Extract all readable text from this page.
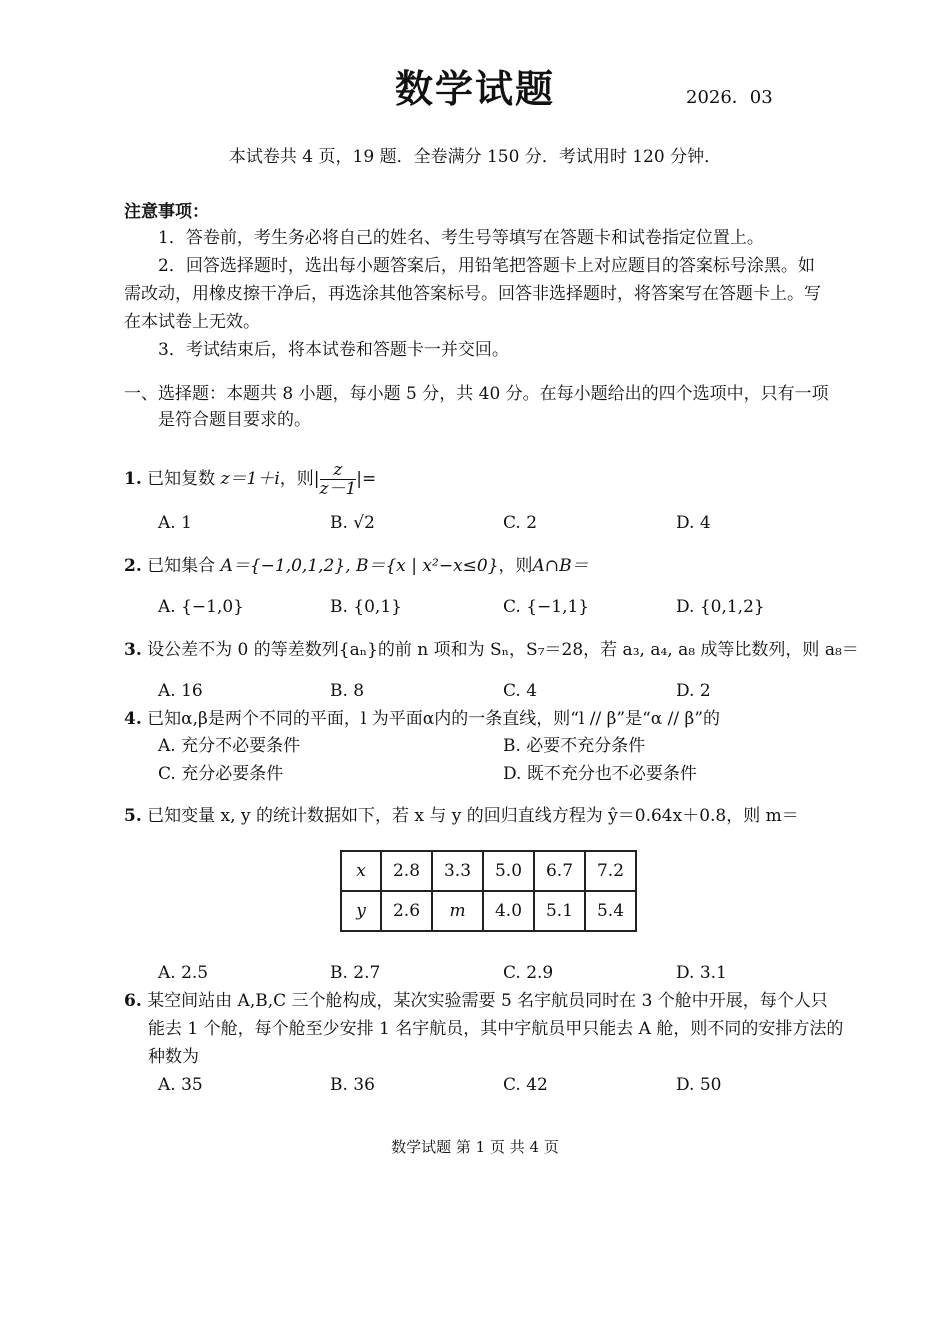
数学试题	2026．03
本试卷共 4 页，19 题．全卷满分 150 分．考试用时 120 分钟．
注意事项：
1．答卷前，考生务必将自己的姓名、考生号等填写在答题卡和试卷指定位置上。
2．回答选择题时，选出每小题答案后，用铅笔把答题卡上对应题目的答案标号涂黑。如
需改动，用橡皮擦干净后，再选涂其他答案标号。回答非选择题时，将答案写在答题卡上。写
在本试卷上无效。
3．考试结束后，将本试卷和答题卡一并交回。
一、选择题：本题共 8 小题，每小题 5 分，共 40 分。在每小题给出的四个选项中，只有一项
是符合题目要求的。
1. 已知复数 z＝1＋i，则| $\frac{z}{z-1}$ |=
A. 1	B. √2	C. 2	D. 4
2. 已知集合 A＝{−1,0,1,2}, B＝{x | x²−x≤0}，则A∩B＝
A. {−1,0}	B. {0,1}	C. {−1,1}	D. {0,1,2}
3. 设公差不为 0 的等差数列{aₙ}的前 n 项和为 Sₙ，S₇＝28，若 a₃, a₄, a₈ 成等比数列，则 a₈＝
A. 16	B. 8	C. 4	D. 2
4. 已知α,β是两个不同的平面，l 为平面α内的一条直线，则“l // β”是“α // β”的
A. 充分不必要条件	B. 必要不充分条件
C. 充分必要条件	D. 既不充分也不必要条件
5. 已知变量 x, y 的统计数据如下，若 x 与 y 的回归直线方程为 ŷ＝0.64x＋0.8，则 m＝
x	2.8	3.3	5.0	6.7	7.2
y	2.6	m	4.0	5.1	5.4
A. 2.5	B. 2.7	C. 2.9	D. 3.1
6. 某空间站由 A,B,C 三个舱构成，某次实验需要 5 名宇航员同时在 3 个舱中开展，每个人只
能去 1 个舱，每个舱至少安排 1 名宇航员，其中宇航员甲只能去 A 舱，则不同的安排方法的
种数为
A. 35	B. 36	C. 42	D. 50
数学试题 第 1 页 共 4 页
